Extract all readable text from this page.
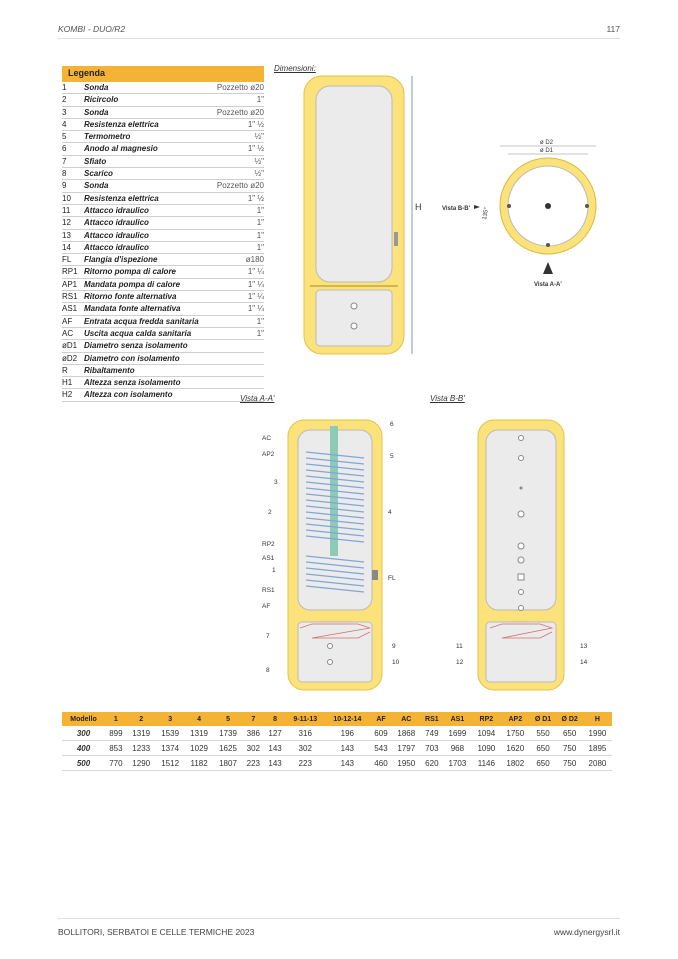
KOMBI - DUO/R2	117
Legenda
1	Sonda	Pozzetto ø20
2	Ricircolo	1"
3	Sonda	Pozzetto ø20
4	Resistenza elettrica	1" ½
5	Termometro	½"
6	Anodo al magnesio	1" ½
7	Sfiato	½"
8	Scarico	½"
9	Sonda	Pozzetto ø20
10	Resistenza elettrica	1" ½
11	Attacco idraulico	1"
12	Attacco idraulico	1"
13	Attacco idraulico	1"
14	Attacco idraulico	1"
FL	Flangia d'ispezione	ø180
RP1 Ritorno pompa di calore	1" ¼
AP1 Mandata pompa di calore	1" ¼
RS1 Ritorno fonte alternativa	1" ¼
AS1 Mandata fonte alternativa	1" ¼
AF	Entrata acqua fredda sanitaria	1"
AC	Uscita acqua calda sanitaria	1"
øD1 Diametro senza isolamento
øD2 Diametro con isolamento
R	Ribaltamento
H1	Altezza senza isolamento
H2	Altezza con isolamento
Dimensioni:
Vista A-A'	Vista B-B'
H
ø D2
ø D1
Vista B-B' 135°
Vista A-A'
AC
AP2
3
2
RP2
AS1
1
RS1
AF
7
8
6
5
4
FL
9
10
11
12
13
14
Modello	1	2	3	4	5	7	8	9-11-13	10-12-14	AF	AC	RS1	AS1	RP2	AP2	Ø D1	Ø D2	H
300	899	1319	1539	1319	1739	386	127	316	196	609	1868	749	1699	1094	1750	550	650	1990
400	853	1233	1374	1029	1625	302	143	302	143	543	1797	703	968	1090	1620	650	750	1895
500	770	1290	1512	1182	1807	223	143	223	143	460	1950	620	1703	1146	1802	650	750	2080
BOLLITORI, SERBATOI E CELLE TERMICHE 2023	www.dynergysrl.it
